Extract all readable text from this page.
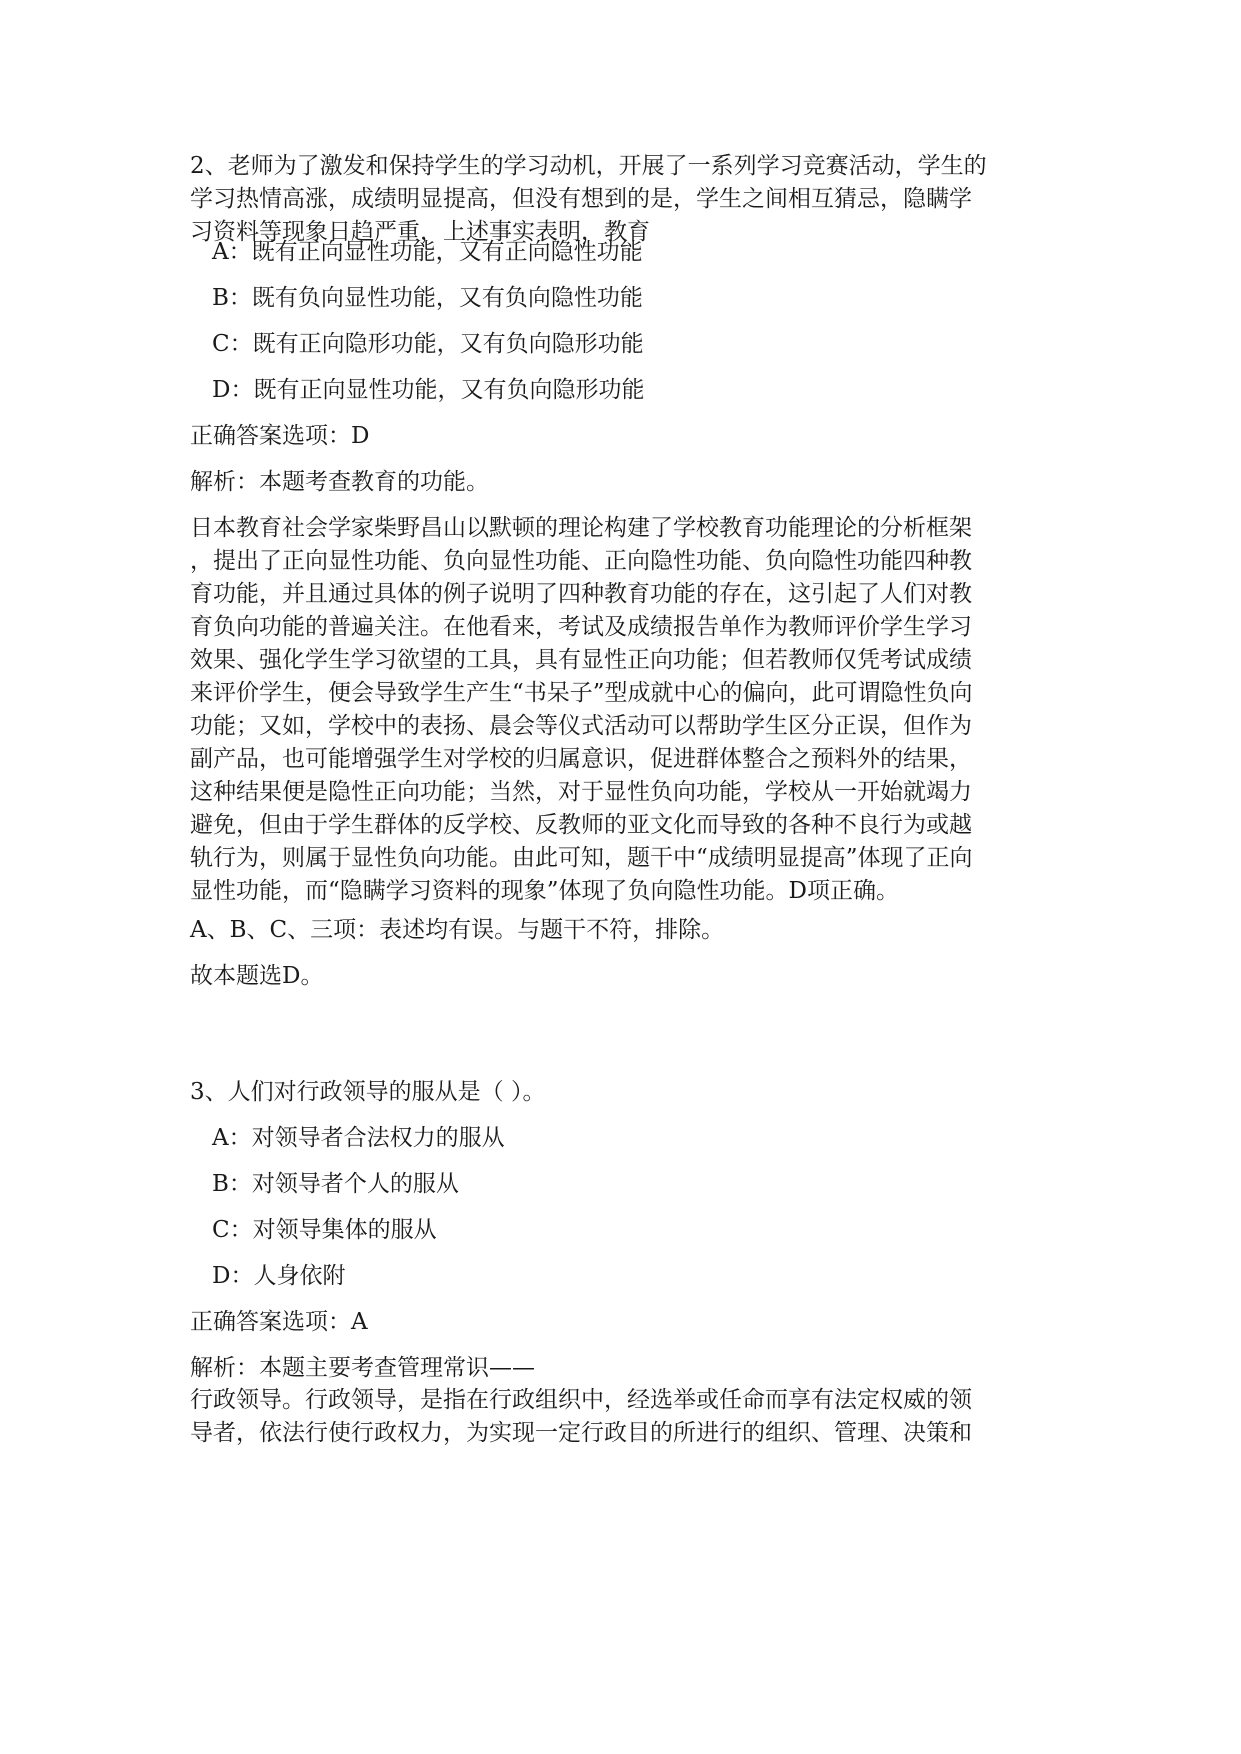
2、老师为了激发和保持学生的学习动机，开展了一系列学习竞赛活动，学生的
学习热情高涨，成绩明显提高，但没有想到的是，学生之间相互猜忌，隐瞒学
习资料等现象日趋严重，上述事实表明，教育

A：既有正向显性功能，又有正向隐性功能

B：既有负向显性功能，又有负向隐性功能

C：既有正向隐形功能，又有负向隐形功能

D：既有正向显性功能，又有负向隐形功能

正确答案选项：D

解析：本题考查教育的功能。

日本教育社会学家柴野昌山以默顿的理论构建了学校教育功能理论的分析框架
，提出了正向显性功能、负向显性功能、正向隐性功能、负向隐性功能四种教
育功能，并且通过具体的例子说明了四种教育功能的存在，这引起了人们对教
育负向功能的普遍关注。在他看来，考试及成绩报告单作为教师评价学生学习
效果、强化学生学习欲望的工具，具有显性正向功能；但若教师仅凭考试成绩
来评价学生，便会导致学生产生“书呆子”型成就中心的偏向，此可谓隐性负向
功能；又如，学校中的表扬、晨会等仪式活动可以帮助学生区分正误，但作为
副产品，也可能增强学生对学校的归属意识，促进群体整合之预料外的结果，
这种结果便是隐性正向功能；当然，对于显性负向功能，学校从一开始就竭力
避免，但由于学生群体的反学校、反教师的亚文化而导致的各种不良行为或越
轨行为，则属于显性负向功能。由此可知，题干中“成绩明显提高”体现了正向
显性功能，而“隐瞒学习资料的现象”体现了负向隐性功能。D项正确。

A、B、C、三项：表述均有误。与题干不符，排除。

故本题选D。

3、人们对行政领导的服从是（ ）。

A：对领导者合法权力的服从

B：对领导者个人的服从

C：对领导集体的服从

D：人身依附

正确答案选项：A

解析：本题主要考查管理常识——

行政领导。行政领导，是指在行政组织中，经选举或任命而享有法定权威的领
导者，依法行使行政权力，为实现一定行政目的所进行的组织、管理、决策和
